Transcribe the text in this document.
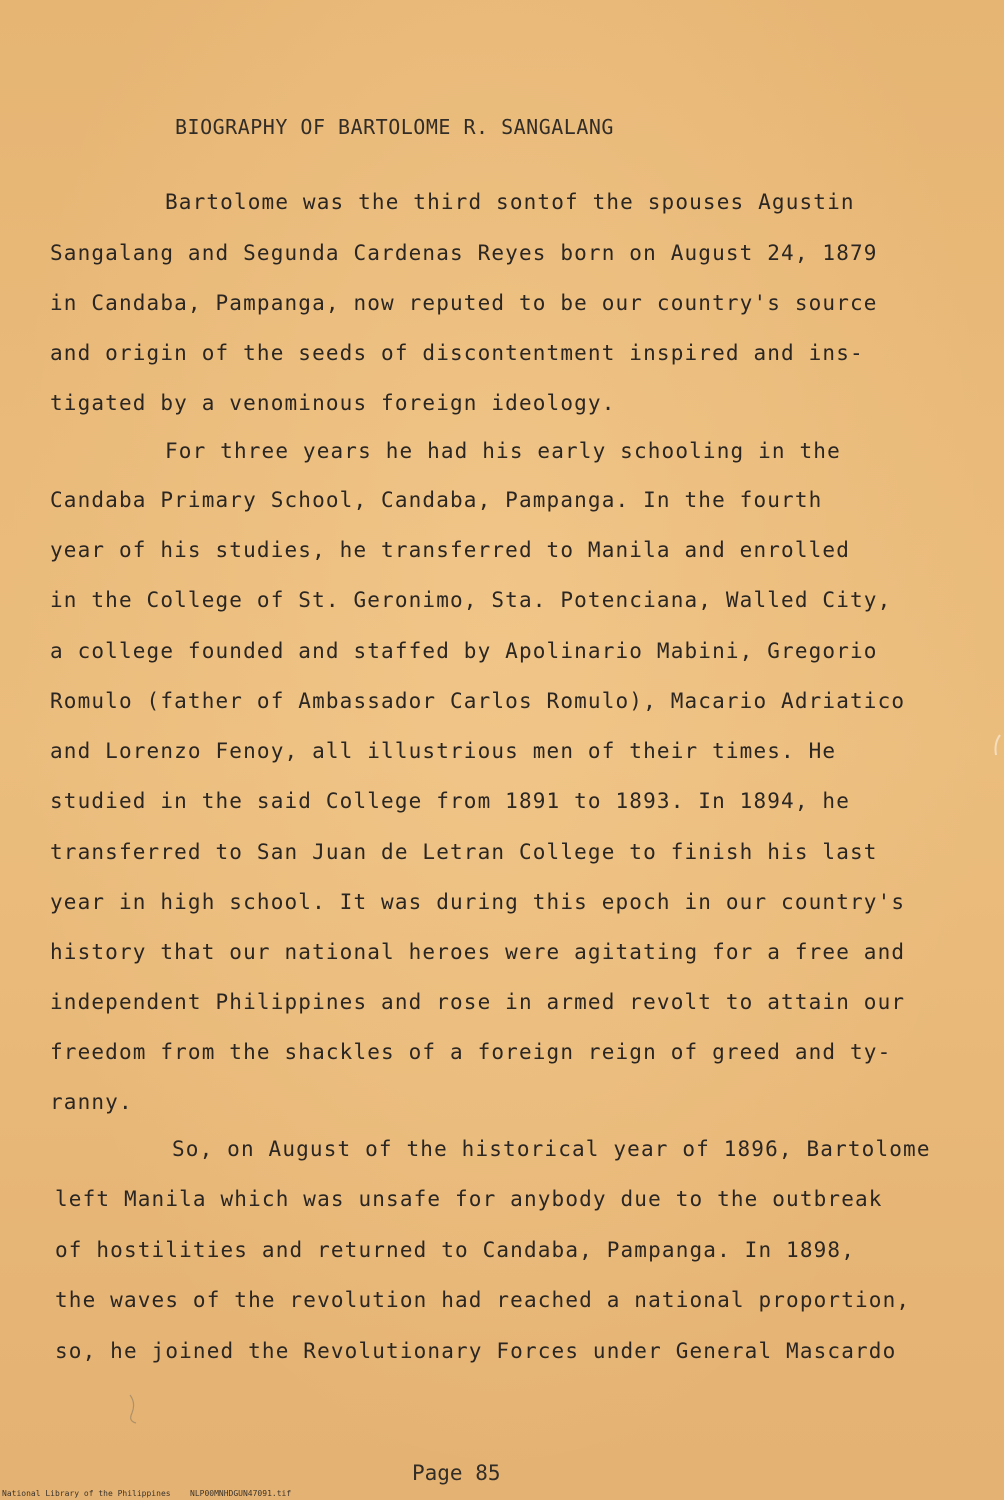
BIOGRAPHY OF BARTOLOME R. SANGALANG
Bartolome was the third sontof the spouses Agustin
Sangalang and Segunda Cardenas Reyes born on August 24, 1879
in Candaba, Pampanga, now reputed to be our country's source
and origin of the seeds of discontentment inspired and ins-
tigated by a venominous foreign ideology.
For three years he had his early schooling in the
Candaba Primary School, Candaba, Pampanga. In the fourth
year of his studies, he transferred to Manila and enrolled
in the College of St. Geronimo, Sta. Potenciana, Walled City,
a college founded and staffed by Apolinario Mabini, Gregorio
Romulo (father of Ambassador Carlos Romulo), Macario Adriatico
and Lorenzo Fenoy, all illustrious men of their times. He
studied in the said College from 1891 to 1893. In 1894, he
transferred to San Juan de Letran College to finish his last
year in high school. It was during this epoch in our country's
history that our national heroes were agitating for a free and
independent Philippines and rose in armed revolt to attain our
freedom from the shackles of a foreign reign of greed and ty-
ranny.
So, on August of the historical year of 1896, Bartolome
left Manila which was unsafe for anybody due to the outbreak
of hostilities and returned to Candaba, Pampanga. In 1898,
the waves of the revolution had reached a national proportion,
so, he joined the Revolutionary Forces under General Mascardo
Page 85
National Library of the Philippines NLP00MNHDGUN47091.tif
